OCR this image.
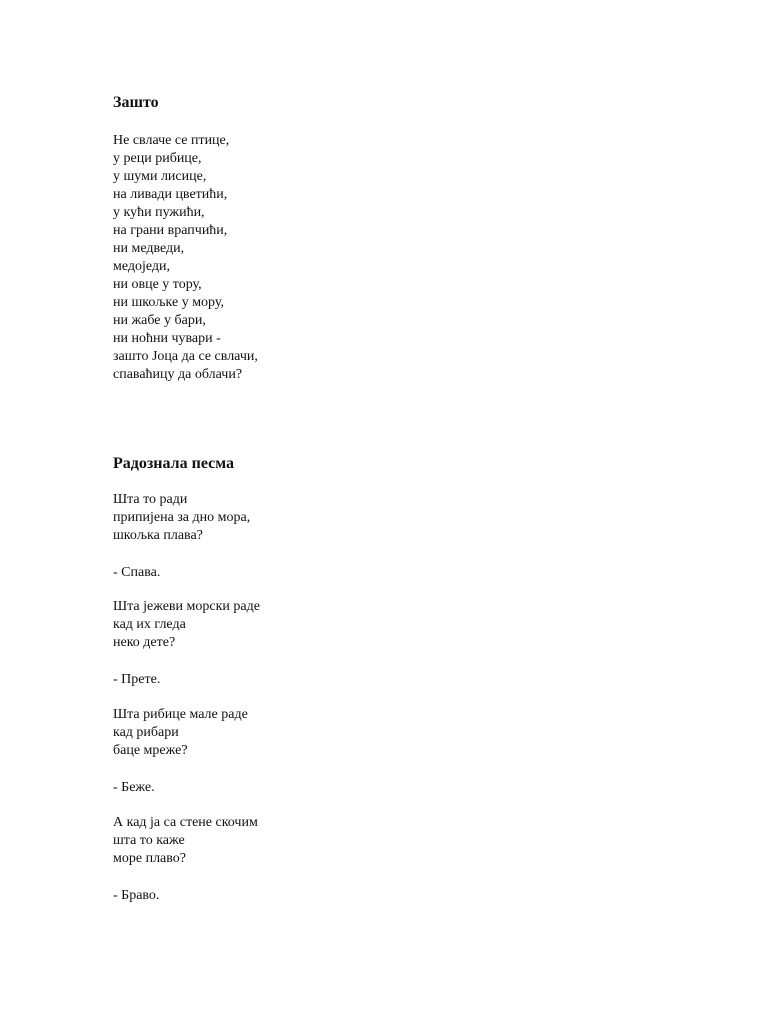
Зашто
Не свлаче се птице,
у реци рибице,
у шуми лисице,
на ливади цветићи,
у кући пужићи,
на грани врапчићи,
ни медведи,
медоједи,
ни овце у тору,
ни шкољке у мору,
ни жабе у бари,
ни ноћни чувари -
зашто Јоца да се свлачи,
спаваћицу да облачи?
Радознала песма
Шта то ради
припијена за дно мора,
шкољка плава?
- Спава.
Шта јежеви морски раде
кад их гледа
неко дете?
- Прете.
Шта рибице мале раде
кад рибари
баце мреже?
- Беже.
А кад ја са стене скочим
шта то каже
море плаво?
- Браво.
